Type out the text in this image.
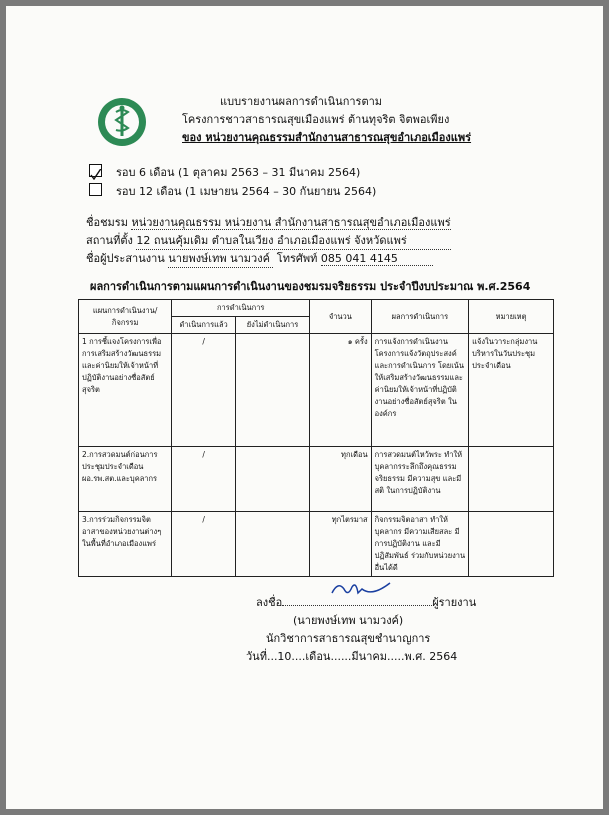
แบบรายงานผลการดำเนินการตาม
โครงการชาวสาธารณสุขเมืองแพร่ ต้านทุจริต จิตพอเพียง
ของ หน่วยงานคุณธรรมสำนักงานสาธารณสุขอำเภอเมืองแพร่
รอบ 6 เดือน (1 ตุลาคม 2563 – 31 มีนาคม 2564)
รอบ 12 เดือน (1 เมษายน 2564 – 30 กันยายน 2564)
ชื่อชมรม หน่วยงานคุณธรรม หน่วยงาน สำนักงานสาธารณสุขอำเภอเมืองแพร่
สถานที่ตั้ง 12 ถนนคุ้มเดิม ตำบลในเวียง อำเภอเมืองแพร่ จังหวัดแพร่
ชื่อผู้ประสานงาน นายพงษ์เทพ นามวงค์ โทรศัพท์ 085 041 4145
ผลการดำเนินการตามแผนการดำเนินงานของชมรมจริยธรรม ประจำปีงบประมาณ พ.ศ.2564
แผนการดำเนินงาน/ กิจกรรม	การดำเนินการ		จำนวน	ผลการดำเนินการ	หมายเหตุ
	ดำเนินการแล้ว	ยังไม่ดำเนินการ			
1 การชี้แจงโครงการเพื่อการเสริมสร้างวัฒนธรรมและค่านิยมให้เจ้าหน้าที่ปฏิบัติงานอย่างซื่อสัตย์สุจริต	/		๑ ครั้ง	การแจ้งการดำเนินงานโครงการแจ้งวัตถุประสงค์และการดำเนินการ โดยเน้นให้เสริมสร้างวัฒนธรรมและค่านิยมให้เจ้าหน้าที่ปฏิบัติงานอย่างซื่อสัตย์สุจริต ในองค์กร	แจ้งในวาระกลุ่มงานบริหารในวันประชุมประจำเดือน
2.การสวดมนต์ก่อนการประชุมประจำเดือน ผอ.รพ.สต.และบุคลากร	/		ทุกเดือน	การสวดมนต์ไหว้พระ ทำให้บุคลากรระลึกถึงคุณธรรม จริยธรรม มีความสุข และมีสติ ในการปฏิบัติงาน	
3.การร่วมกิจกรรมจิตอาสาของหน่วยงานต่างๆในพื้นที่อำเภอเมืองแพร่	/		ทุกไตรมาส	กิจกรรมจิตอาสา ทำให้บุคลากร มีความเสียสละ มีการปฏิบัติงาน และมีปฏิสัมพันธ์ ร่วมกับหน่วยงานอื่นได้ดี	
ลงชื่อ	ผู้รายงาน
(นายพงษ์เทพ นามวงค์)
นักวิชาการสาธารณสุขชำนาญการ
วันที่...10....เดือน......มีนาคม.....พ.ศ. 2564
